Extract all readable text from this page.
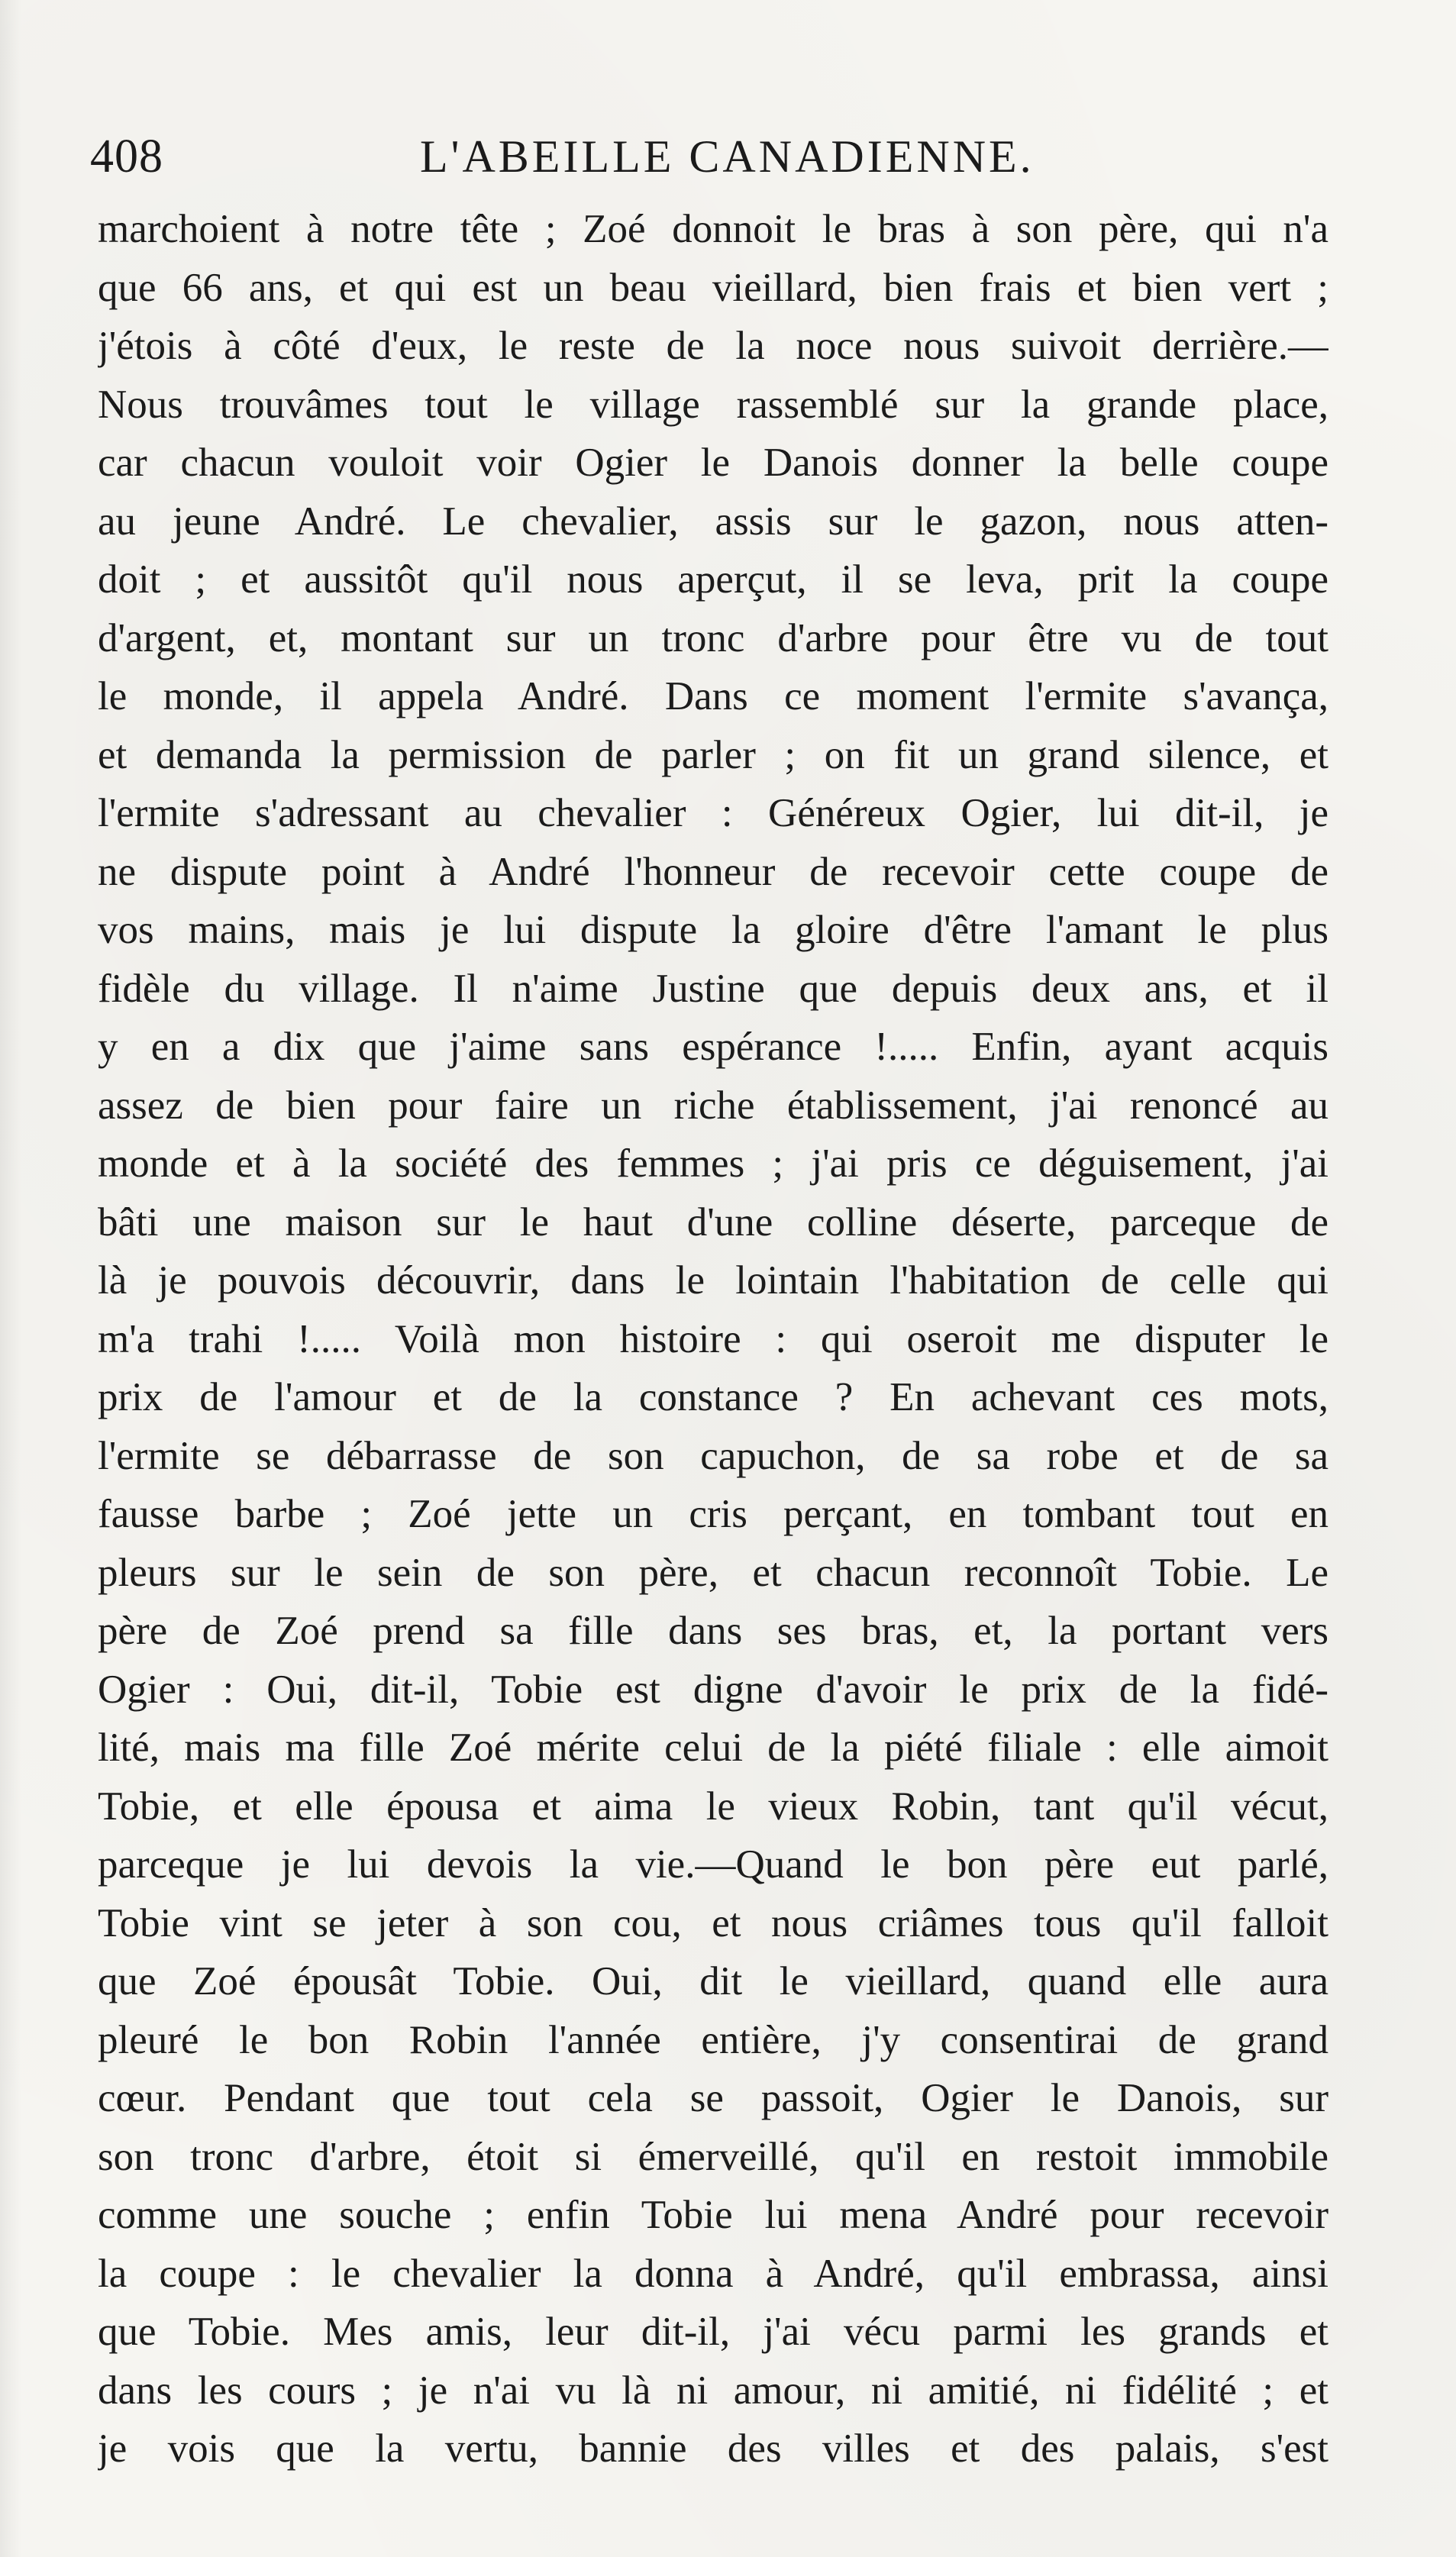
408	L'ABEILLE CANADIENNE.
marchoient à notre tête ; Zoé donnoit le bras à son père, qui n'a
que 66 ans, et qui est un beau vieillard, bien frais et bien vert ;
j'étois à côté d'eux, le reste de la noce nous suivoit derrière.—
Nous trouvâmes tout le village rassemblé sur la grande place,
car chacun vouloit voir Ogier le Danois donner la belle coupe
au jeune André. Le chevalier, assis sur le gazon, nous atten-
doit ; et aussitôt qu'il nous aperçut, il se leva, prit la coupe
d'argent, et, montant sur un tronc d'arbre pour être vu de tout
le monde, il appela André. Dans ce moment l'ermite s'avança,
et demanda la permission de parler ; on fit un grand silence, et
l'ermite s'adressant au chevalier : Généreux Ogier, lui dit-il, je
ne dispute point à André l'honneur de recevoir cette coupe de
vos mains, mais je lui dispute la gloire d'être l'amant le plus
fidèle du village. Il n'aime Justine que depuis deux ans, et il
y en a dix que j'aime sans espérance !..... Enfin, ayant acquis
assez de bien pour faire un riche établissement, j'ai renoncé au
monde et à la société des femmes ; j'ai pris ce déguisement, j'ai
bâti une maison sur le haut d'une colline déserte, parceque de
là je pouvois découvrir, dans le lointain l'habitation de celle qui
m'a trahi !..... Voilà mon histoire : qui oseroit me disputer le
prix de l'amour et de la constance ? En achevant ces mots,
l'ermite se débarrasse de son capuchon, de sa robe et de sa
fausse barbe ; Zoé jette un cris perçant, en tombant tout en
pleurs sur le sein de son père, et chacun reconnoît Tobie. Le
père de Zoé prend sa fille dans ses bras, et, la portant vers
Ogier : Oui, dit-il, Tobie est digne d'avoir le prix de la fidé-
lité, mais ma fille Zoé mérite celui de la piété filiale : elle aimoit
Tobie, et elle épousa et aima le vieux Robin, tant qu'il vécut,
parceque je lui devois la vie.—Quand le bon père eut parlé,
Tobie vint se jeter à son cou, et nous criâmes tous qu'il falloit
que Zoé épousât Tobie. Oui, dit le vieillard, quand elle aura
pleuré le bon Robin l'année entière, j'y consentirai de grand
cœur. Pendant que tout cela se passoit, Ogier le Danois, sur
son tronc d'arbre, étoit si émerveillé, qu'il en restoit immobile
comme une souche ; enfin Tobie lui mena André pour recevoir
la coupe : le chevalier la donna à André, qu'il embrassa, ainsi
que Tobie. Mes amis, leur dit-il, j'ai vécu parmi les grands et
dans les cours ; je n'ai vu là ni amour, ni amitié, ni fidélité ; et
je vois que la vertu, bannie des villes et des palais, s'est
